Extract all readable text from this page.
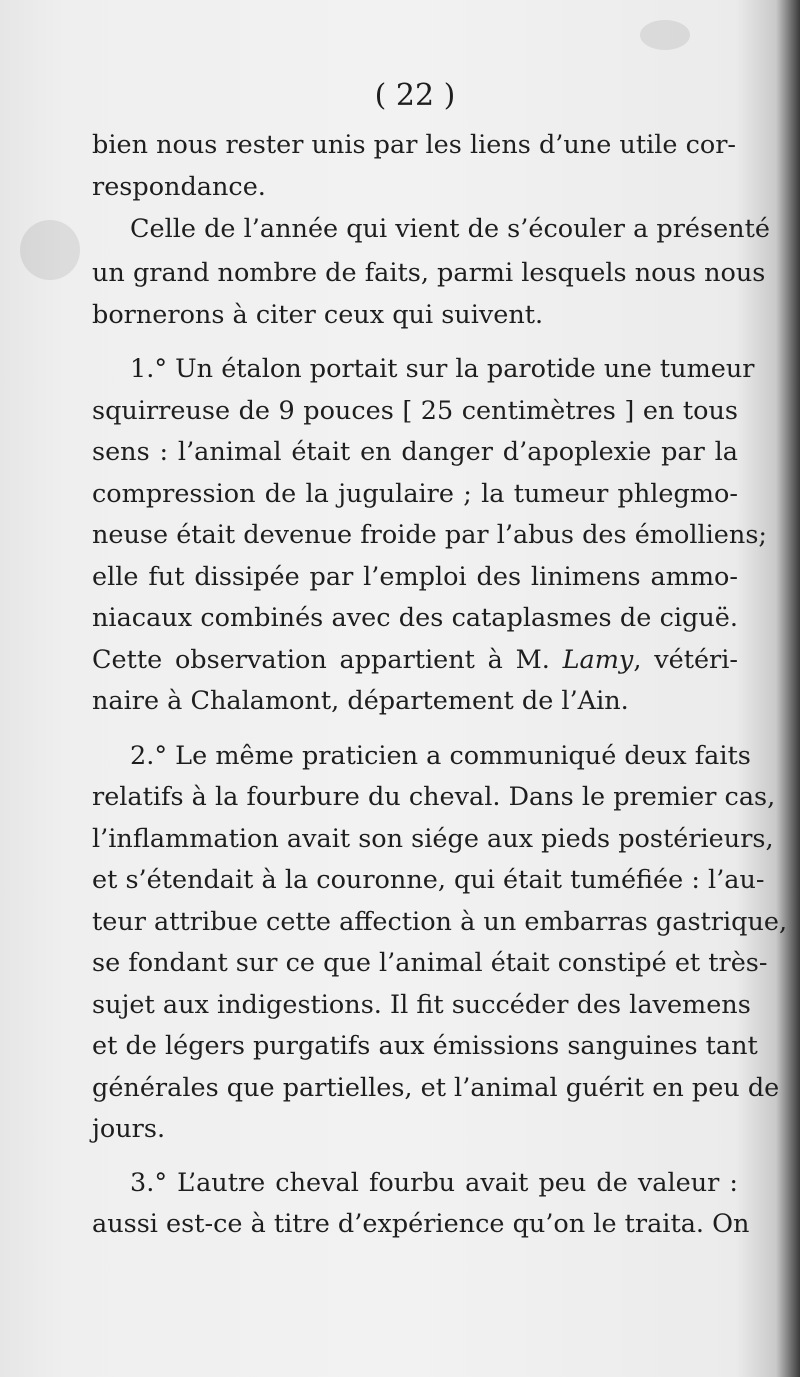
( 22 )
bien nous rester unis par les liens d’une utile cor-
respondance.
Celle de l’année qui vient de s’écouler a présenté
un grand nombre de faits, parmi lesquels nous nous
bornerons à citer ceux qui suivent.
1.° Un étalon portait sur la parotide une tumeur
squirreuse de 9 pouces [ 25 centimètres ] en tous
sens : l’animal était en danger d’apoplexie par la
compression de la jugulaire ; la tumeur phlegmo-
neuse était devenue froide par l’abus des émolliens;
elle fut dissipée par l’emploi des linimens ammo-
niacaux combinés avec des cataplasmes de ciguë.
Cette observation appartient à M. Lamy, vétéri-
naire à Chalamont, département de l’Ain.
2.° Le même praticien a communiqué deux faits
relatifs à la fourbure du cheval. Dans le premier cas,
l’inflammation avait son siége aux pieds postérieurs,
et s’étendait à la couronne, qui était tuméfiée : l’au-
teur attribue cette affection à un embarras gastrique,
se fondant sur ce que l’animal était constipé et très-
sujet aux indigestions. Il fit succéder des lavemens
et de légers purgatifs aux émissions sanguines tant
générales que partielles, et l’animal guérit en peu de
jours.
3.° L’autre cheval fourbu avait peu de valeur :
aussi est-ce à titre d’expérience qu’on le traita. On
